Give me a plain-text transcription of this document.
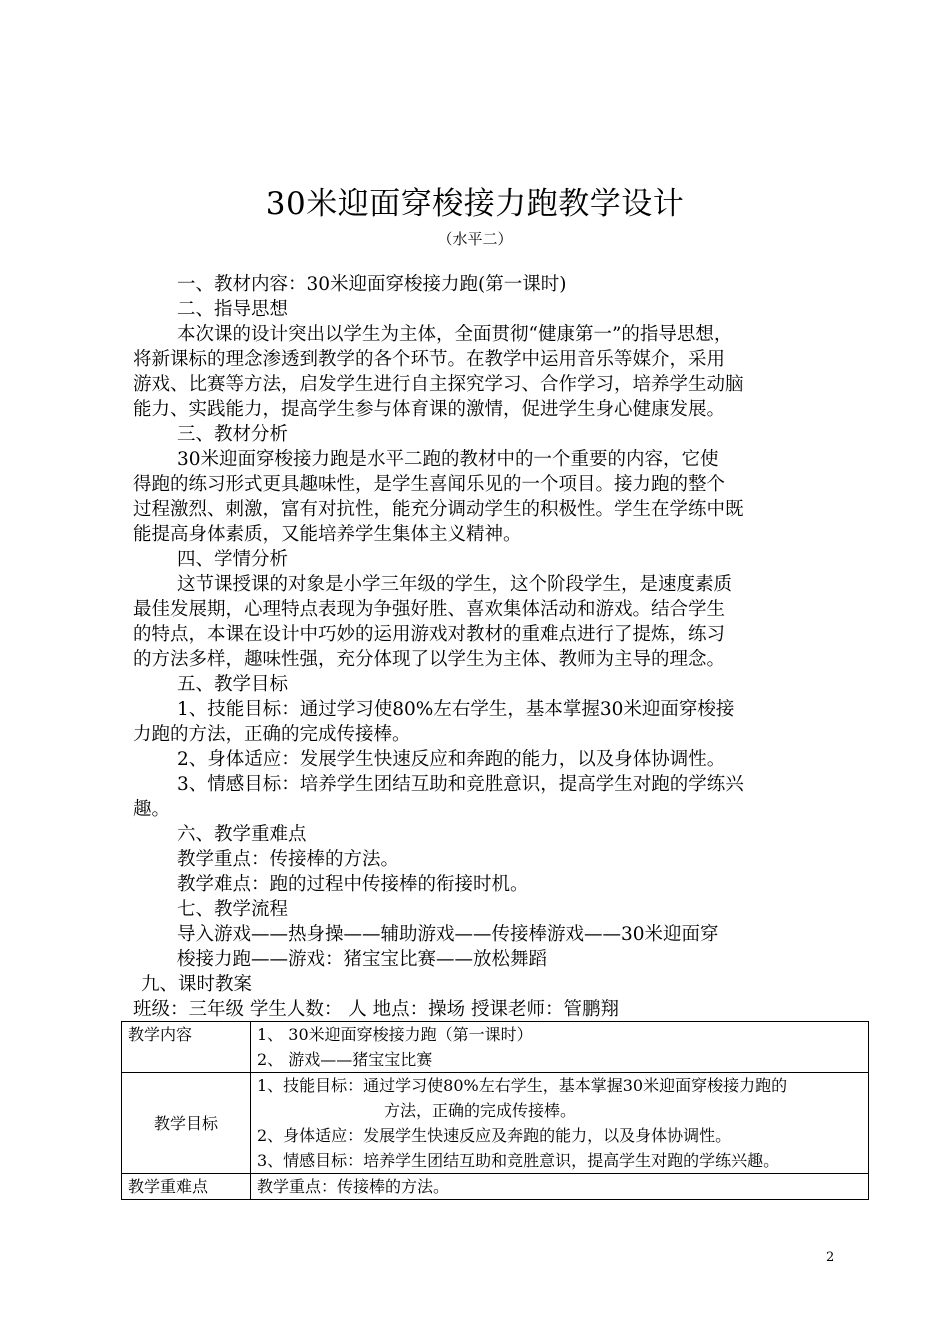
30米迎面穿梭接力跑教学设计
（水平二）
一、教材内容：30米迎面穿梭接力跑(第一课时)
二、指导思想
本次课的设计突出以学生为主体，全面贯彻“健康第一”的指导思想，
将新课标的理念渗透到教学的各个环节。在教学中运用音乐等媒介，采用
游戏、比赛等方法，启发学生进行自主探究学习、合作学习，培养学生动脑
能力、实践能力，提高学生参与体育课的激情，促进学生身心健康发展。
三、教材分析
30米迎面穿梭接力跑是水平二跑的教材中的一个重要的内容，它使
得跑的练习形式更具趣味性，是学生喜闻乐见的一个项目。接力跑的整个
过程激烈、刺激，富有对抗性，能充分调动学生的积极性。学生在学练中既
能提高身体素质，又能培养学生集体主义精神。
四、学情分析
这节课授课的对象是小学三年级的学生，这个阶段学生，是速度素质
最佳发展期，心理特点表现为争强好胜、喜欢集体活动和游戏。结合学生
的特点，本课在设计中巧妙的运用游戏对教材的重难点进行了提炼，练习
的方法多样，趣味性强，充分体现了以学生为主体、教师为主导的理念。
五、教学目标
1、技能目标：通过学习使80%左右学生，基本掌握30米迎面穿梭接
力跑的方法，正确的完成传接棒。
2、身体适应：发展学生快速反应和奔跑的能力，以及身体协调性。
3、情感目标：培养学生团结互助和竞胜意识，提高学生对跑的学练兴
趣。
六、教学重难点
教学重点：传接棒的方法。
教学难点：跑的过程中传接棒的衔接时机。
七、教学流程
导入游戏——热身操——辅助游戏——传接棒游戏——30米迎面穿
梭接力跑——游戏：猪宝宝比赛——放松舞蹈
九、课时教案
班级：三年级 学生人数： 人 地点：操场 授课老师：管鹏翔
教学内容	1、 30米迎面穿梭接力跑（第一课时）
2、 游戏——猪宝宝比赛

教学目标	1、技能目标：通过学习使80%左右学生，基本掌握30米迎面穿梭接力跑的
方法，正确的完成传接棒。
2、身体适应：发展学生快速反应及奔跑的能力，以及身体协调性。
3、情感目标：培养学生团结互助和竞胜意识，提高学生对跑的学练兴趣。

教学重难点	教学重点：传接棒的方法。
2
